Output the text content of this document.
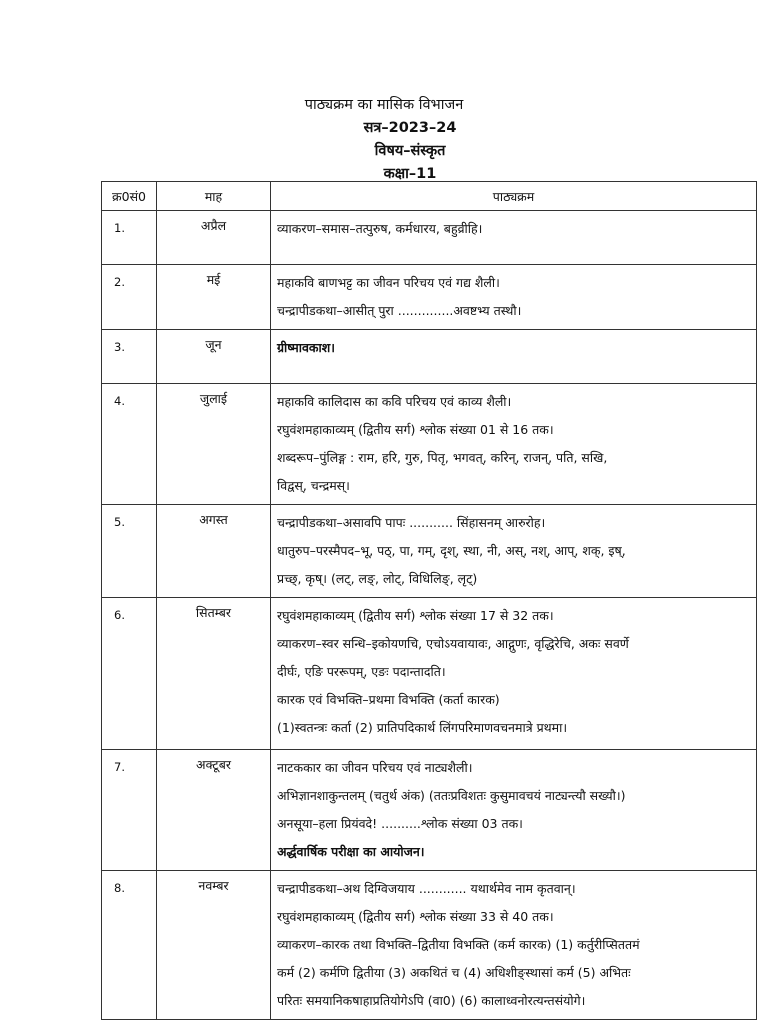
पाठ्यक्रम का मासिक विभाजन
सत्र–2023–24
विषय–संस्कृत
कक्षा–11
क्र0सं0	माह	पाठ्यक्रम
1.	अप्रैल	व्याकरण–समास–तत्पुरुष, कर्मधारय, बहुव्रीहि।

2.	मई	महाकवि बाणभट्ट का जीवन परिचय एवं गद्य शैली।
चन्द्रापीडकथा–आसीत् पुरा ..............अवष्टभ्य तस्थौ।

3.	जून	ग्रीष्मावकाश।

4.	जुलाई	महाकवि कालिदास का कवि परिचय एवं काव्य शैली।
रघुवंशमहाकाव्यम् (द्वितीय सर्ग) श्लोक संख्या 01 से 16 तक।
शब्दरूप–पुंलिङ्ग : राम, हरि, गुरु, पितृ, भगवत्, करिन्, राजन्, पति, सखि,
विद्वस्, चन्द्रमस्।

5.	अगस्त	चन्द्रापीडकथा–असावपि पापः ........... सिंहासनम् आरुरोह।
धातुरुप–परस्मैपद–भू, पठ्, पा, गम्, दृश्, स्था, नी, अस्, नश्, आप्, शक्, इष्,
प्रच्छ्, कृष्। (लट्, लङ्, लोट्, विधिलिङ्, लृट्)

6.	सितम्बर	रघुवंशमहाकाव्यम् (द्वितीय सर्ग) श्लोक संख्या 17 से 32 तक।
व्याकरण–स्वर सन्धि–इकोयणचि, एचोऽयवायावः, आद्गुणः, वृद्धिरेचि, अकः सवर्णे
दीर्घः, एङि पररूपम्, एङः पदान्तादति।
कारक एवं विभक्ति–प्रथमा विभक्ति (कर्ता कारक)
(1)स्वतन्त्रः कर्ता (2) प्रातिपदिकार्थ लिंगपरिमाणवचनमात्रे प्रथमा।

7.	अक्टूबर	नाटककार का जीवन परिचय एवं नाट्यशैली।
अभिज्ञानशाकुन्तलम् (चतुर्थ अंक) (ततःप्रविशतः कुसुमावचयं नाट्यन्त्यौ सख्यौ।)
अनसूया–हला प्रियंवदे! ..........श्लोक संख्या 03 तक।
अर्द्धवार्षिक परीक्षा का आयोजन।

8.	नवम्बर	चन्द्रापीडकथा–अथ दिग्विजयाय ............ यथार्थमेव नाम कृतवान्।
रघुवंशमहाकाव्यम् (द्वितीय सर्ग) श्लोक संख्या 33 से 40 तक।
व्याकरण–कारक तथा विभक्ति–द्वितीया विभक्ति (कर्म कारक) (1) कर्तुरीप्सिततमं
कर्म (2) कर्मणि द्वितीया (3) अकथितं च (4) अधिशीङ्स्थासां कर्म (5) अभितः
परितः समयानिकषाहाप्रतियोगेऽपि (वा0) (6) कालाध्वनोरत्यन्तसंयोगे।
